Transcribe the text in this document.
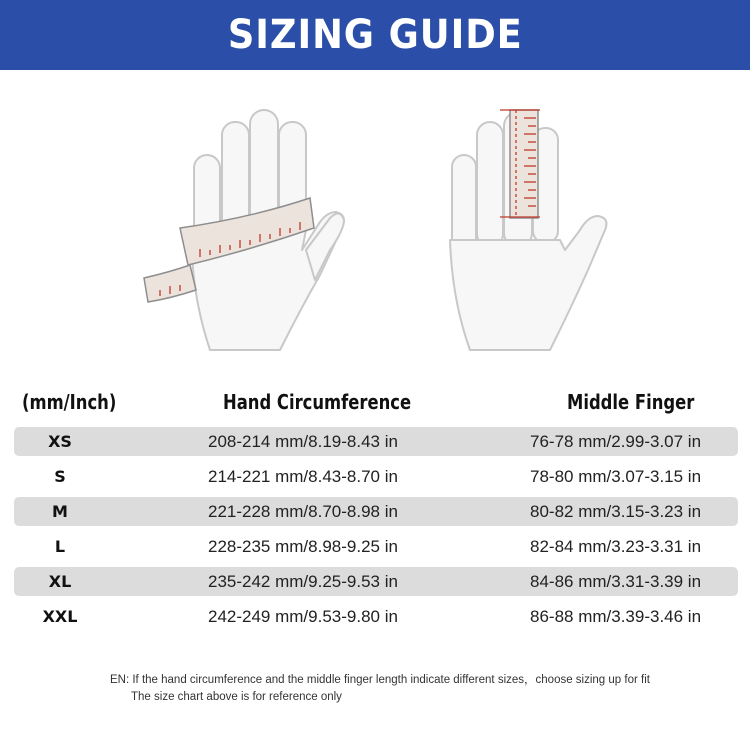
SIZING GUIDE
(mm/Inch)	Hand Circumference	Middle Finger
XS	208-214 mm/8.19-8.43 in	76-78 mm/2.99-3.07 in
S	214-221 mm/8.43-8.70 in	78-80 mm/3.07-3.15 in
M	221-228 mm/8.70-8.98 in	80-82 mm/3.15-3.23 in
L	228-235 mm/8.98-9.25 in	82-84 mm/3.23-3.31 in
XL	235-242 mm/9.25-9.53 in	84-86 mm/3.31-3.39 in
XXL	242-249 mm/9.53-9.80 in	86-88 mm/3.39-3.46 in
EN: If the hand circumference and the middle finger length indicate different sizes，choose sizing up for fit
The size chart above is for reference only
